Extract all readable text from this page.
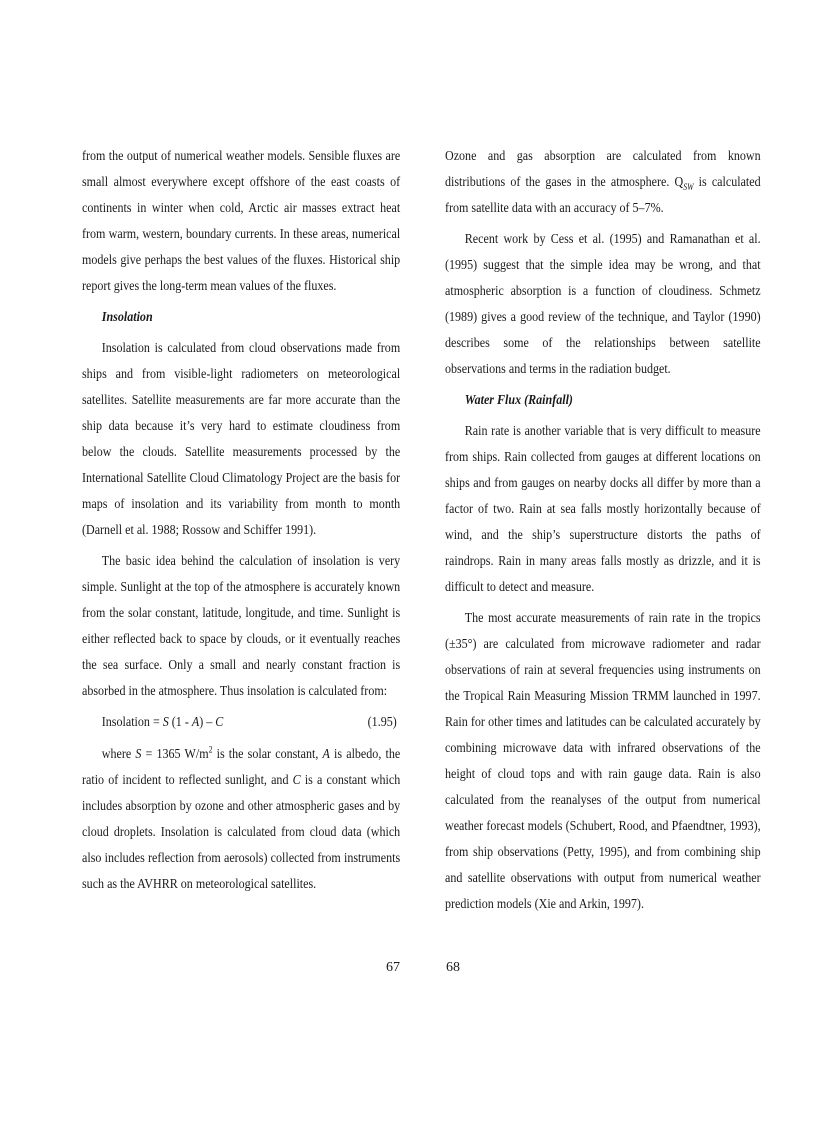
from the output of numerical weather models. Sensible fluxes are small almost everywhere except offshore of the east coasts of continents in winter when cold, Arctic air masses extract heat from warm, western, boundary currents. In these areas, numerical models give perhaps the best values of the fluxes. Historical ship report gives the long-term mean values of the fluxes.

Insolation

Insolation is calculated from cloud observations made from ships and from visible-light radiometers on meteorological satellites. Satellite measurements are far more accurate than the ship data because it’s very hard to estimate cloudiness from below the clouds. Satellite measurements processed by the International Satellite Cloud Climatology Project are the basis for maps of insolation and its variability from month to month (Darnell et al. 1988; Rossow and Schiffer 1991).

The basic idea behind the calculation of insolation is very simple. Sunlight at the top of the atmosphere is accurately known from the solar constant, latitude, longitude, and time. Sunlight is either reflected back to space by clouds, or it eventually reaches the sea surface. Only a small and nearly constant fraction is absorbed in the atmosphere. Thus insolation is calculated from:

Insolation = S (1 - A) – C	(1.95)

where S = 1365 $W/m^2$ is the solar constant, A is albedo, the ratio of incident to reflected sunlight, and C is a constant which includes absorption by ozone and other atmospheric gases and by cloud droplets. Insolation is calculated from cloud data (which also includes reflection from aerosols) collected from instruments such as the AVHRR on meteorological satellites.

Ozone and gas absorption are calculated from known distributions of the gases in the atmosphere. $Q_{SW}$ is calculated from satellite data with an accuracy of 5–7%.

Recent work by Cess et al. (1995) and Ramanathan et al. (1995) suggest that the simple idea may be wrong, and that atmospheric absorption is a function of cloudiness. Schmetz (1989) gives a good review of the technique, and Taylor (1990) describes some of the relationships between satellite observations and terms in the radiation budget.

Water Flux (Rainfall)

Rain rate is another variable that is very difficult to measure from ships. Rain collected from gauges at different locations on ships and from gauges on nearby docks all differ by more than a factor of two. Rain at sea falls mostly horizontally because of wind, and the ship’s superstructure distorts the paths of raindrops. Rain in many areas falls mostly as drizzle, and it is difficult to detect and measure.

The most accurate measurements of rain rate in the tropics (±35°) are calculated from microwave radiometer and radar observations of rain at several frequencies using instruments on the Tropical Rain Measuring Mission TRMM launched in 1997. Rain for other times and latitudes can be calculated accurately by combining microwave data with infrared observations of the height of cloud tops and with rain gauge data. Rain is also calculated from the reanalyses of the output from numerical weather forecast models (Schubert, Rood, and Pfaendtner, 1993), from ship observations (Petty, 1995), and from combining ship and satellite observations with output from numerical weather prediction models (Xie and Arkin, 1997).

67	68
